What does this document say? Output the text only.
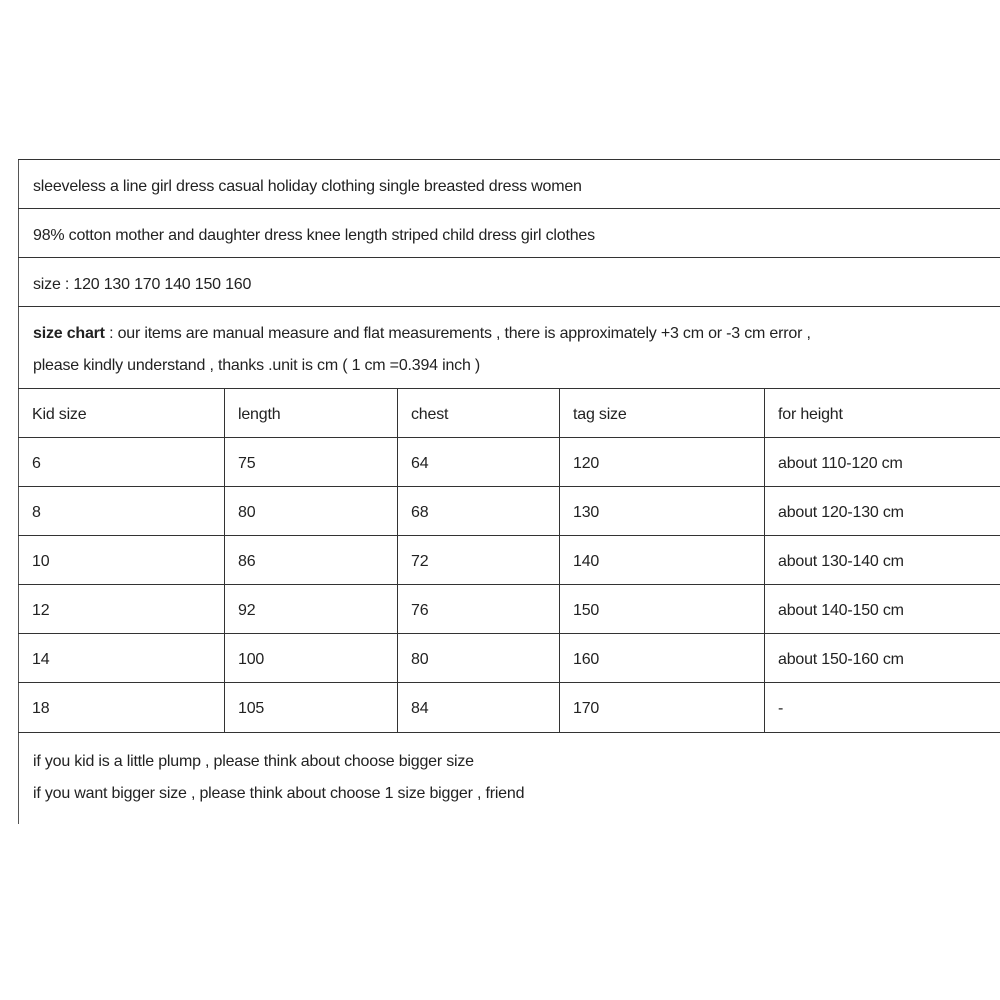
sleeveless a line girl dress casual holiday clothing single breasted dress women
98% cotton mother and daughter dress knee length striped child dress girl clothes
size : 120 130 170 140 150 160
size chart : our items are manual measure and flat measurements , there is approximately +3 cm or -3 cm error ,
please kindly understand , thanks .unit is cm ( 1 cm =0.394 inch )
Kid size	length	chest	tag size	for height
6	75	64	120	about 110-120 cm
8	80	68	130	about 120-130 cm
10	86	72	140	about 130-140 cm
12	92	76	150	about 140-150 cm
14	100	80	160	about 150-160 cm
18	105	84	170	-
if you kid is a little plump , please think about choose bigger size
if you want bigger size , please think about choose 1 size bigger , friend
